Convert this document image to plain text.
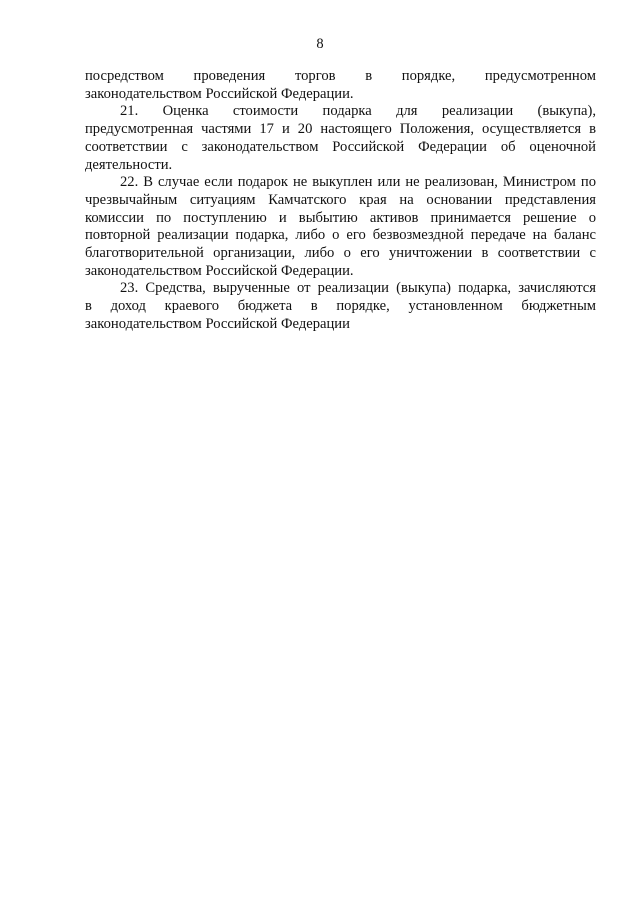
8
посредством проведения торгов в порядке, предусмотренном
законодательством Российской Федерации.
21. Оценка стоимости подарка для реализации (выкупа),
предусмотренная частями 17 и 20 настоящего Положения, осуществляется в
соответствии с законодательством Российской Федерации об оценочной
деятельности.
22. В случае если подарок не выкуплен или не реализован, Министром по
чрезвычайным ситуациям Камчатского края на основании представления
комиссии по поступлению и выбытию активов принимается решение о
повторной реализации подарка, либо о его безвозмездной передаче на баланс
благотворительной организации, либо о его уничтожении в соответствии с
законодательством Российской Федерации.
23. Средства, вырученные от реализации (выкупа) подарка, зачисляются
в доход краевого бюджета в порядке, установленном бюджетным
законодательством Российской Федерации
